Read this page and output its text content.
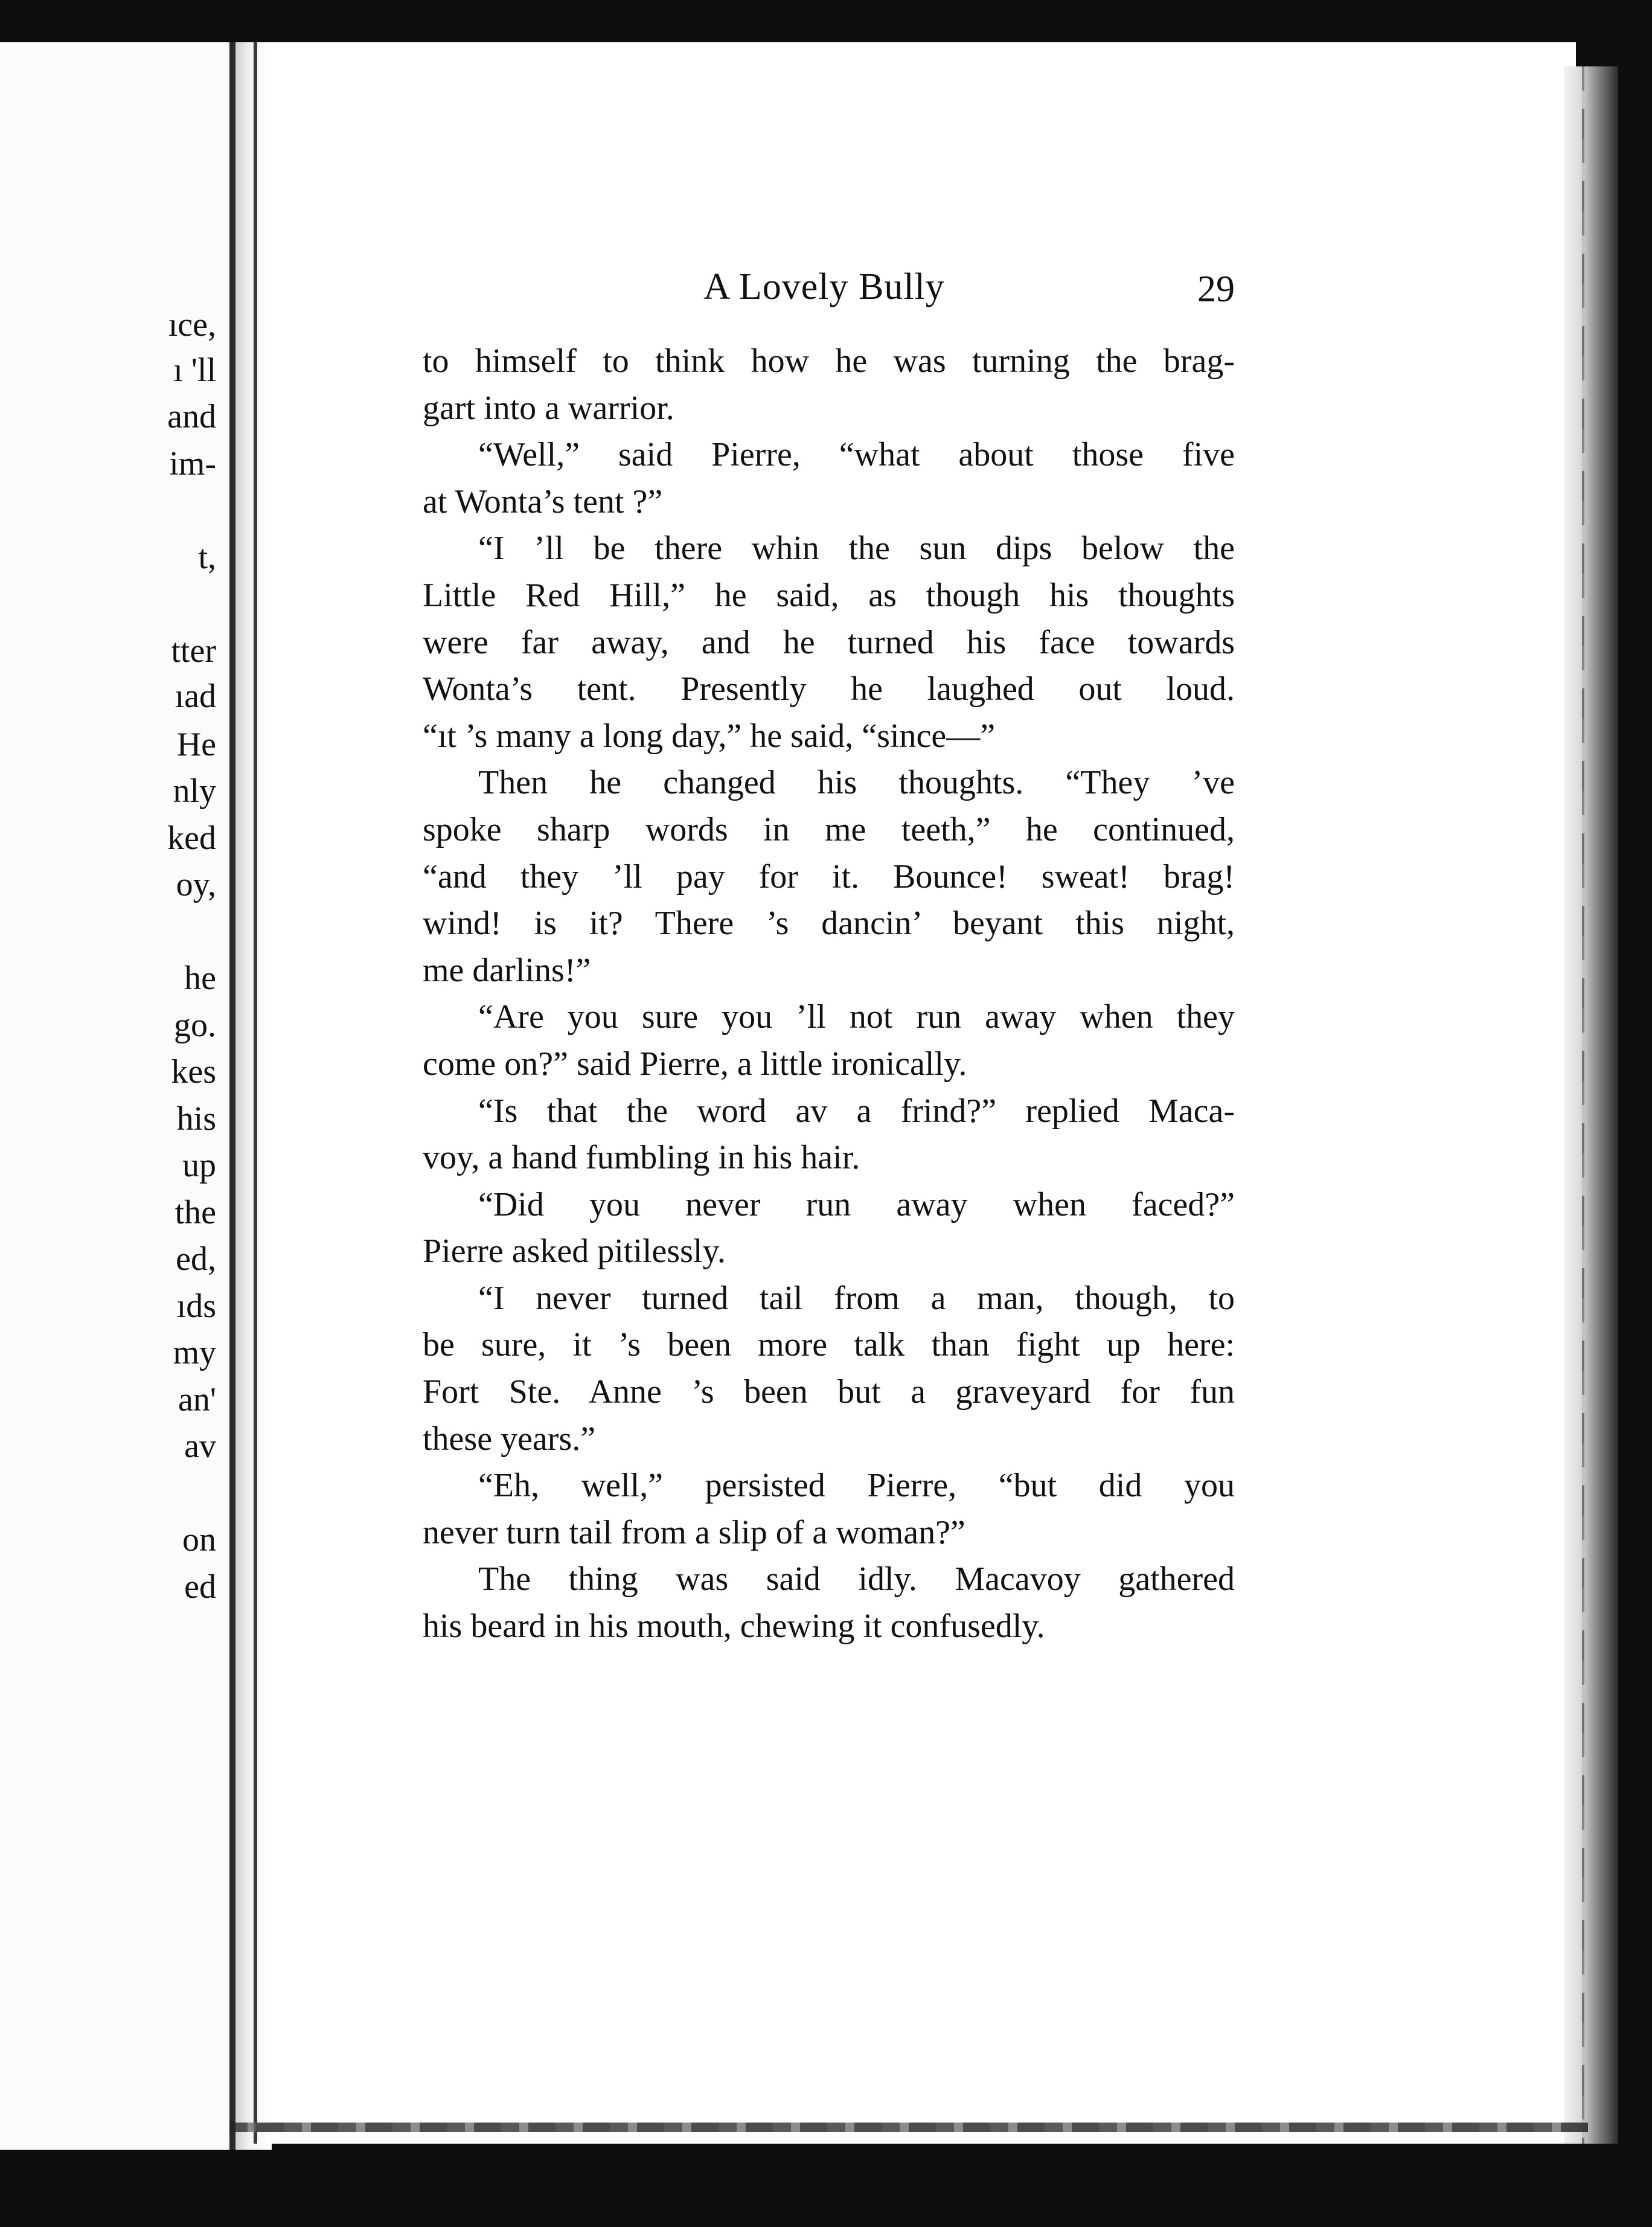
ıce,
ı 'll
and
im-
t,
tter
ıad
He
nly
ked
oy,
he
go.
kes
his
up
the
ed,
ıds
my
an'
av
on
ed
A Lovely Bully	29
to himself to think how he was turning the brag-
gart into a warrior.
“Well,” said Pierre, “what about those five
at Wonta’s tent ?”
“I ’ll be there whin the sun dips below the
Little Red Hill,” he said, as though his thoughts
were far away, and he turned his face towards
Wonta’s tent. Presently he laughed out loud.
“ıt ’s many a long day,” he said, “since—”
Then he changed his thoughts. “They ’ve
spoke sharp words in me teeth,” he continued,
“and they ’ll pay for it. Bounce! sweat! brag!
wind! is it? There ’s dancin’ beyant this night,
me darlins!”
“Are you sure you ’ll not run away when they
come on?” said Pierre, a little ironically.
“Is that the word av a frind?” replied Maca-
voy, a hand fumbling in his hair.
“Did you never run away when faced?”
Pierre asked pitilessly.
“I never turned tail from a man, though, to
be sure, it ’s been more talk than fight up here:
Fort Ste. Anne ’s been but a graveyard for fun
these years.”
“Eh, well,” persisted Pierre, “but did you
never turn tail from a slip of a woman?”
The thing was said idly. Macavoy gathered
his beard in his mouth, chewing it confusedly.
